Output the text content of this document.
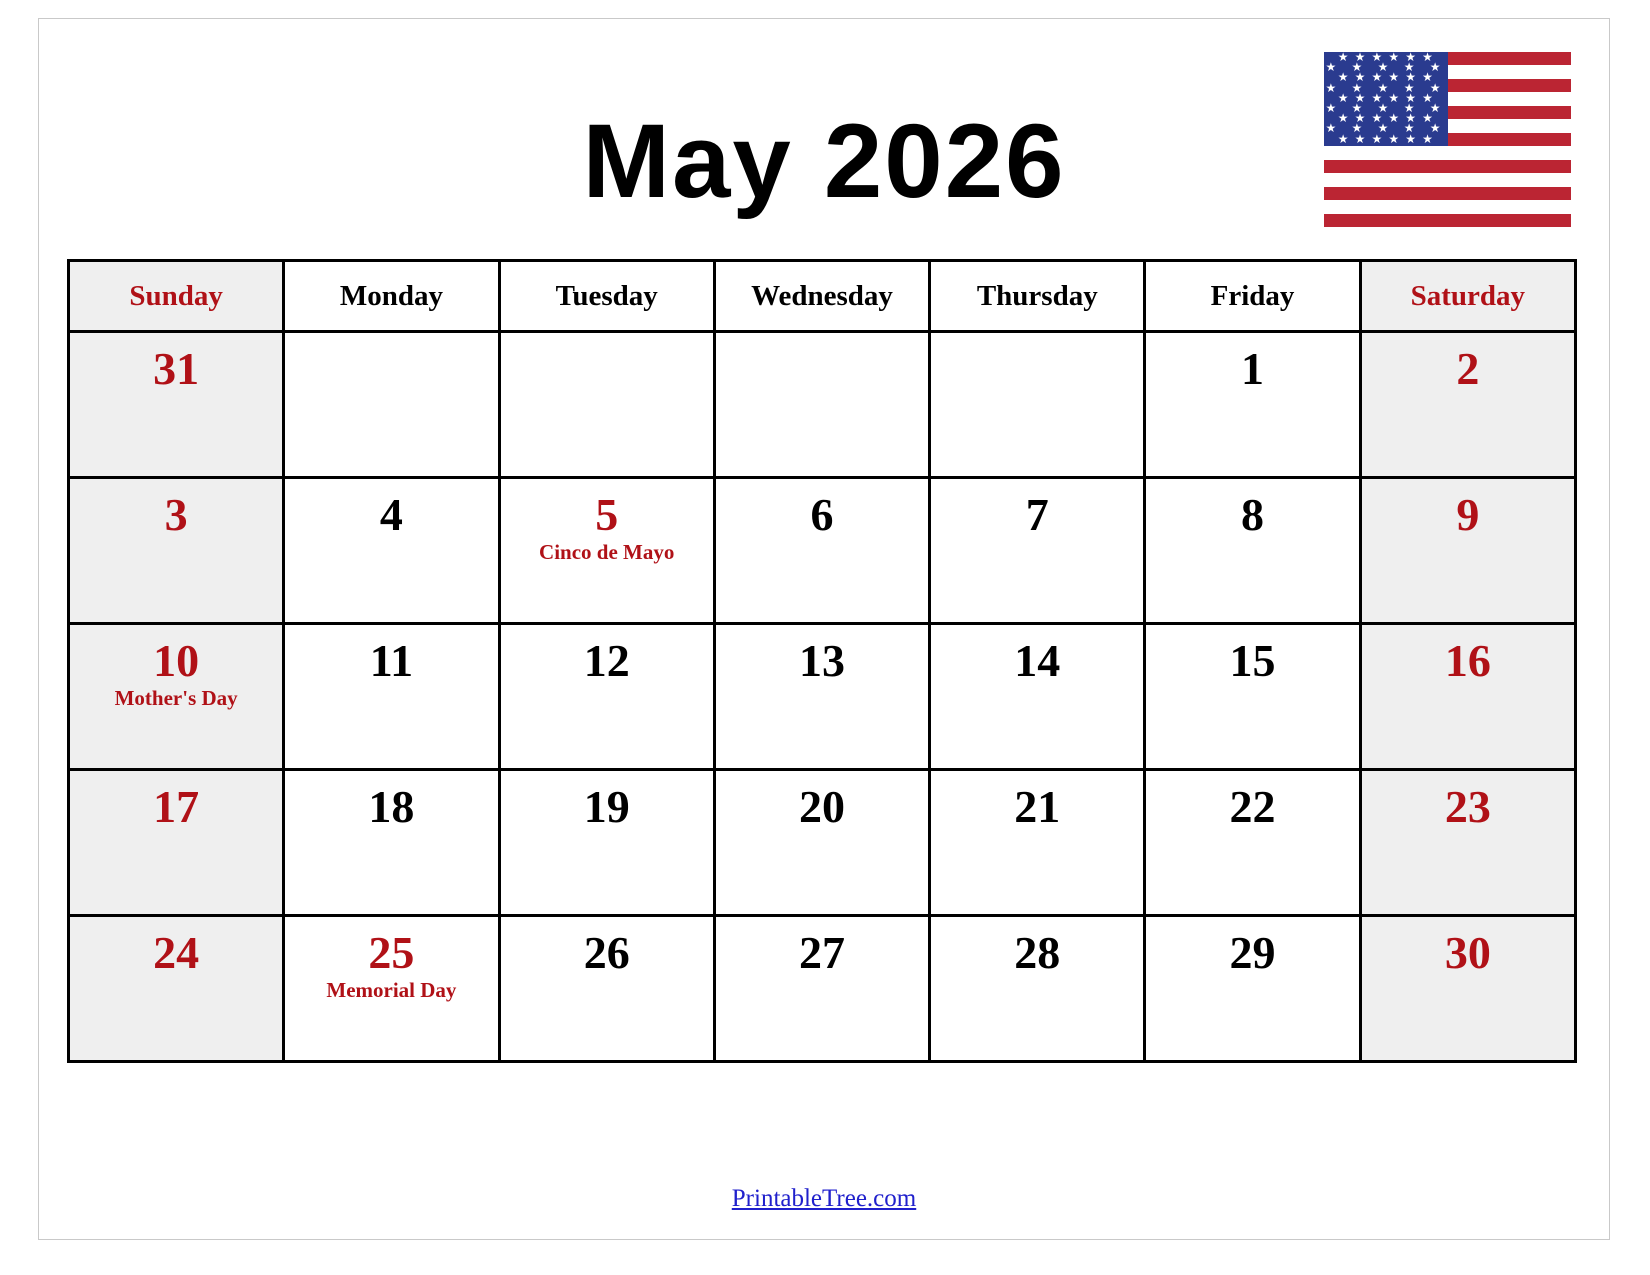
May 2026
★ ★ ★ ★ ★ ★
★ ★ ★ ★ ★
★ ★ ★ ★ ★ ★
★ ★ ★ ★ ★
★ ★ ★ ★ ★ ★
★ ★ ★ ★ ★
★ ★ ★ ★ ★ ★
★ ★ ★ ★ ★
★ ★ ★ ★ ★ ★
Sunday	Monday	Tuesday	Wednesday	Thursday	Friday	Saturday

31					1	2

3	4	5
Cinco de Mayo	6	7	8	9

10
Mother's Day	11	12	13	14	15	16

17	18	19	20	21	22	23

24	25
Memorial Day	26	27	28	29	30
PrintableTree.com
